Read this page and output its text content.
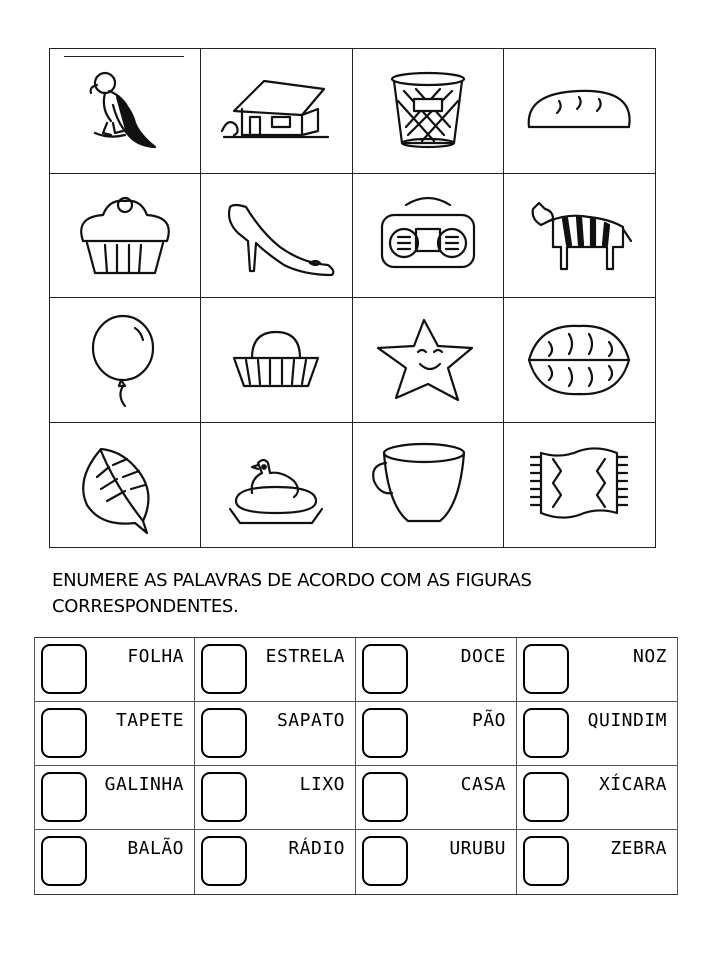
ENUMERE AS PALAVRAS DE ACORDO COM AS FIGURAS
CORRESPONDENTES.
FOLHA	ESTRELA	DOCE	NOZ
TAPETE	SAPATO	PÃO	QUINDIM
GALINHA	LIXO	CASA	XÍCARA
BALÃO	RÁDIO	URUBU	ZEBRA
